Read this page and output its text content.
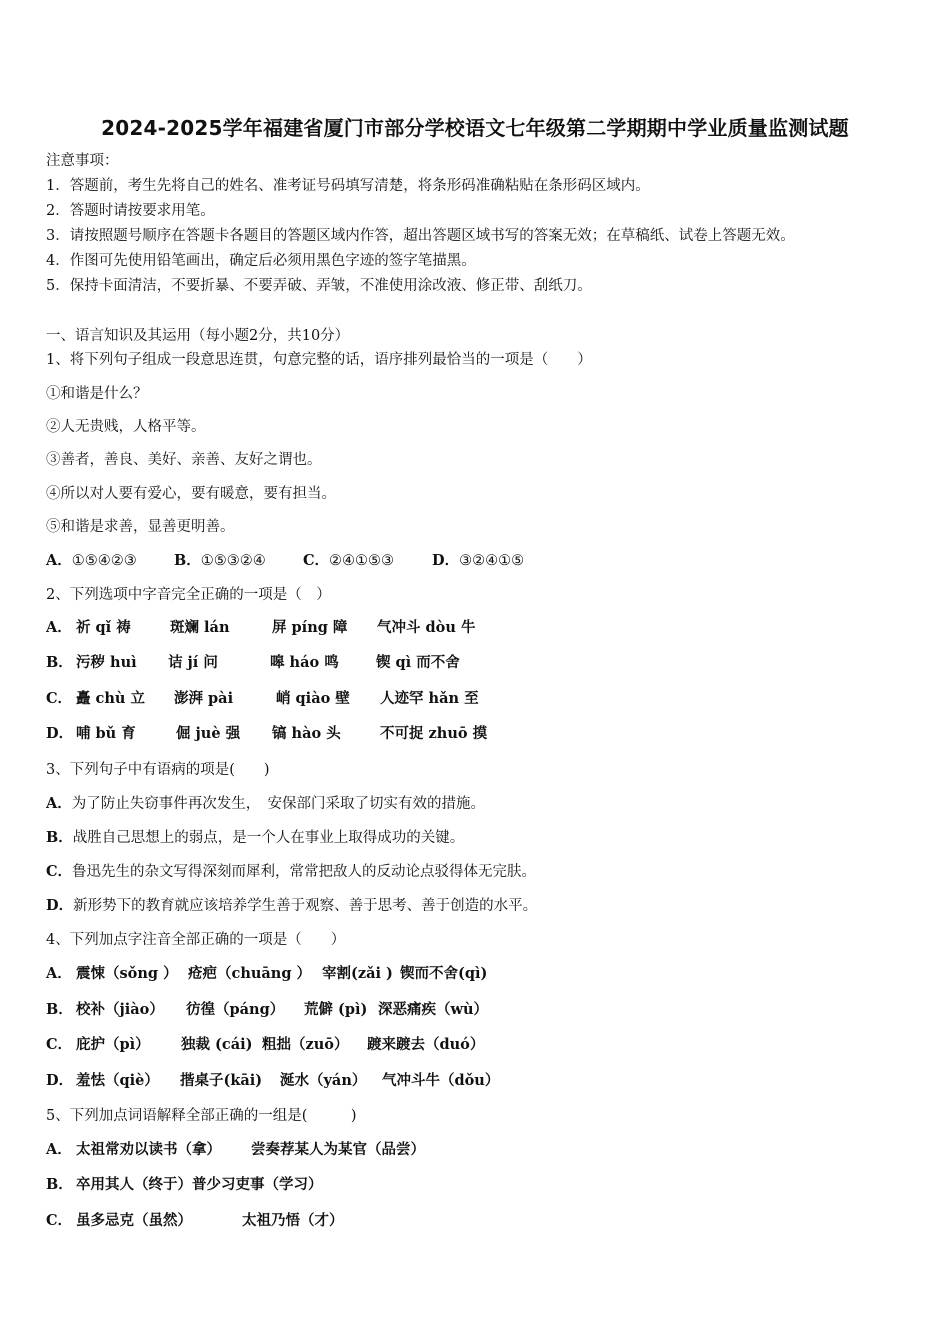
2024-2025学年福建省厦门市部分学校语文七年级第二学期期中学业质量监测试题
注意事项：
1．答题前，考生先将自己的姓名、准考证号码填写清楚，将条形码准确粘贴在条形码区域内。
2．答题时请按要求用笔。
3．请按照题号顺序在答题卡各题目的答题区域内作答，超出答题区域书写的答案无效；在草稿纸、试卷上答题无效。
4．作图可先使用铅笔画出，确定后必须用黑色字迹的签字笔描黑。
5．保持卡面清洁，不要折暴、不要弄破、弄皱，不准使用涂改液、修正带、刮纸刀。
一、语言知识及其运用（每小题2分，共10分）
1、将下列句子组成一段意思连贯，句意完整的话，语序排列最恰当的一项是（　　）
①和谐是什么？
②人无贵贱，人格平等。
③善者，善良、美好、亲善、友好之谓也。
④所以对人要有爱心，要有暖意，要有担当。
⑤和谐是求善，显善更明善。
A．①⑤④②③	B．①⑤③②④	C．②④①⑤③	D．③②④①⑤
2、下列选项中字音完全正确的一项是（　）
A． 祈 qǐ 祷	斑斓 lán	屏 píng 障 气冲斗 dòu 牛
B． 污秽 huì 诘 jí 问	嗥 háo 鸣	锲 qì 而不舍
C． 矗 chù 立 澎湃 pài	峭 qiào 壁 人迹罕 hǎn 至
D． 哺 bǔ 育	倔 juè 强 镐 hào 头	不可捉 zhuō 摸
3、下列句子中有语病的项是(　　)
A．为了防止失窃事件再次发生，　安保部门采取了切实有效的措施。
B．战胜自己思想上的弱点，是一个人在事业上取得成功的关键。
C．鲁迅先生的杂文写得深刻而犀利，常常把敌人的反动论点驳得体无完肤。
D．新形势下的教育就应该培养学生善于观察、善于思考、善于创造的水平。
4、下列加点字注音全部正确的一项是（　　）
A． 震悚（sǒng ） 疮疤（chuāng ） 宰割(zǎi ) 锲而不舍(qì)
B． 校补（jiào） 彷徨（páng） 荒僻 (pì) 深恶痛疾（wù）
C． 庇护（pì） 独裁 (cái) 粗拙（zuō） 踱来踱去（duó）
D． 羞怯（qiè） 揩桌子(kāi) 涎水（yán） 气冲斗牛（dǒu）
5、下列加点词语解释全部正确的一组是(　　　)
A． 太祖常劝以读书（拿） 尝奏荐某人为某官（品尝）
B． 卒用其人（终于）普少习吏事（学习）
C． 虽多忌克（虽然）	太祖乃悟（才）
